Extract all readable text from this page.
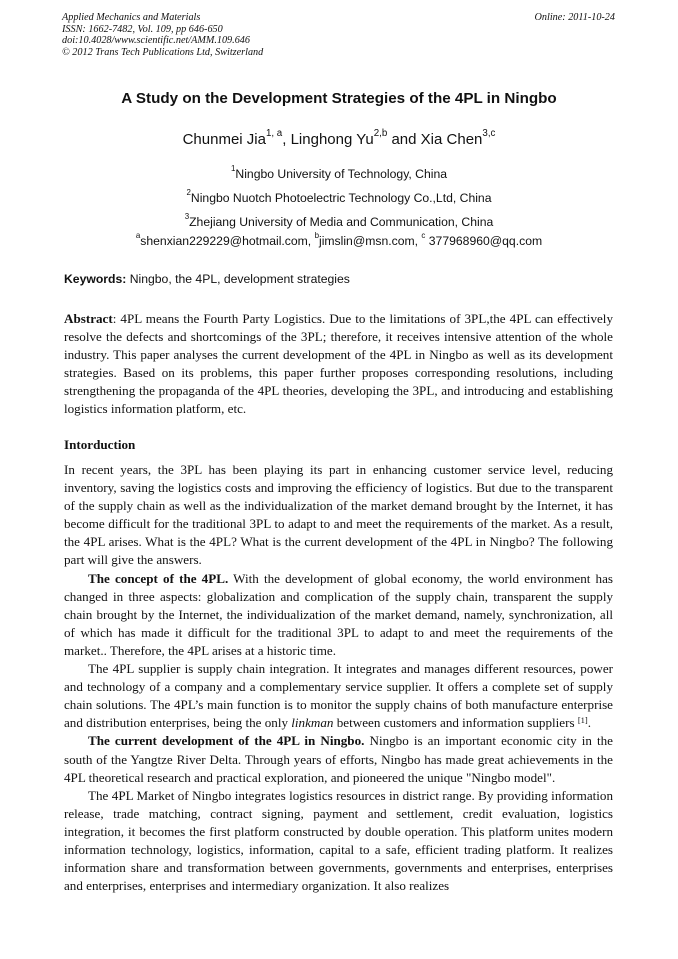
Applied Mechanics and Materials
ISSN: 1662-7482, Vol. 109, pp 646-650
doi:10.4028/www.scientific.net/AMM.109.646
© 2012 Trans Tech Publications Ltd, Switzerland
Online: 2011-10-24
A Study on the Development Strategies of the 4PL in Ningbo
Chunmei Jia$^{1, a}$, Linghong Yu$^{2,b}$ and Xia Chen$^{3,c}$
$^1$Ningbo University of Technology, China
$^2$Ningbo Nuotch Photoelectric Technology Co.,Ltd, China
$^3$Zhejiang University of Media and Communication, China
$^a$shenxian229229@hotmail.com, $^b$jimslin@msn.com, $^c$ 377968960@qq.com
Keywords: Ningbo, the 4PL, development strategies

Abstract: 4PL means the Fourth Party Logistics. Due to the limitations of 3PL,the 4PL can effectively resolve the defects and shortcomings of the 3PL; therefore, it receives intensive attention of the whole industry. This paper analyses the current development of the 4PL in Ningbo as well as its development strategies. Based on its problems, this paper further proposes corresponding resolutions, including strengthening the propaganda of the 4PL theories, developing the 3PL, and introducing and establishing logistics information platform, etc.

Intorduction

In recent years, the 3PL has been playing its part in enhancing customer service level, reducing inventory, saving the logistics costs and improving the efficiency of logistics. But due to the transparent of the supply chain as well as the individualization of the market demand brought by the Internet, it has become difficult for the traditional 3PL to adapt to and meet the requirements of the market. As a result, the 4PL arises. What is the 4PL? What is the current development of the 4PL in Ningbo? The following part will give the answers.

The concept of the 4PL. With the development of global economy, the world environment has changed in three aspects: globalization and complication of the supply chain, transparent the supply chain brought by the Internet, the individualization of the market demand, namely, synchronization, all of which has made it difficult for the traditional 3PL to adapt to and meet the requirements of the market.. Therefore, the 4PL arises at a historic time.

The 4PL supplier is supply chain integration. It integrates and manages different resources, power and technology of a company and a complementary service supplier. It offers a complete set of supply chain solutions. The 4PL’s main function is to monitor the supply chains of both manufacture enterprise and distribution enterprises, being the only linkman between customers and information suppliers [1].

The current development of the 4PL in Ningbo. Ningbo is an important economic city in the south of the Yangtze River Delta. Through years of efforts, Ningbo has made great achievements in the 4PL theoretical research and practical exploration, and pioneered the unique "Ningbo model".

The 4PL Market of Ningbo integrates logistics resources in district range. By providing information release, trade matching, contract signing, payment and settlement, credit evaluation, logistics integration, it becomes the first platform constructed by double operation. This platform unites modern information technology, logistics, information, capital to a safe, efficient trading platform. It realizes information share and transformation between governments, governments and enterprises, enterprises and enterprises, enterprises and intermediary organization. It also realizes
